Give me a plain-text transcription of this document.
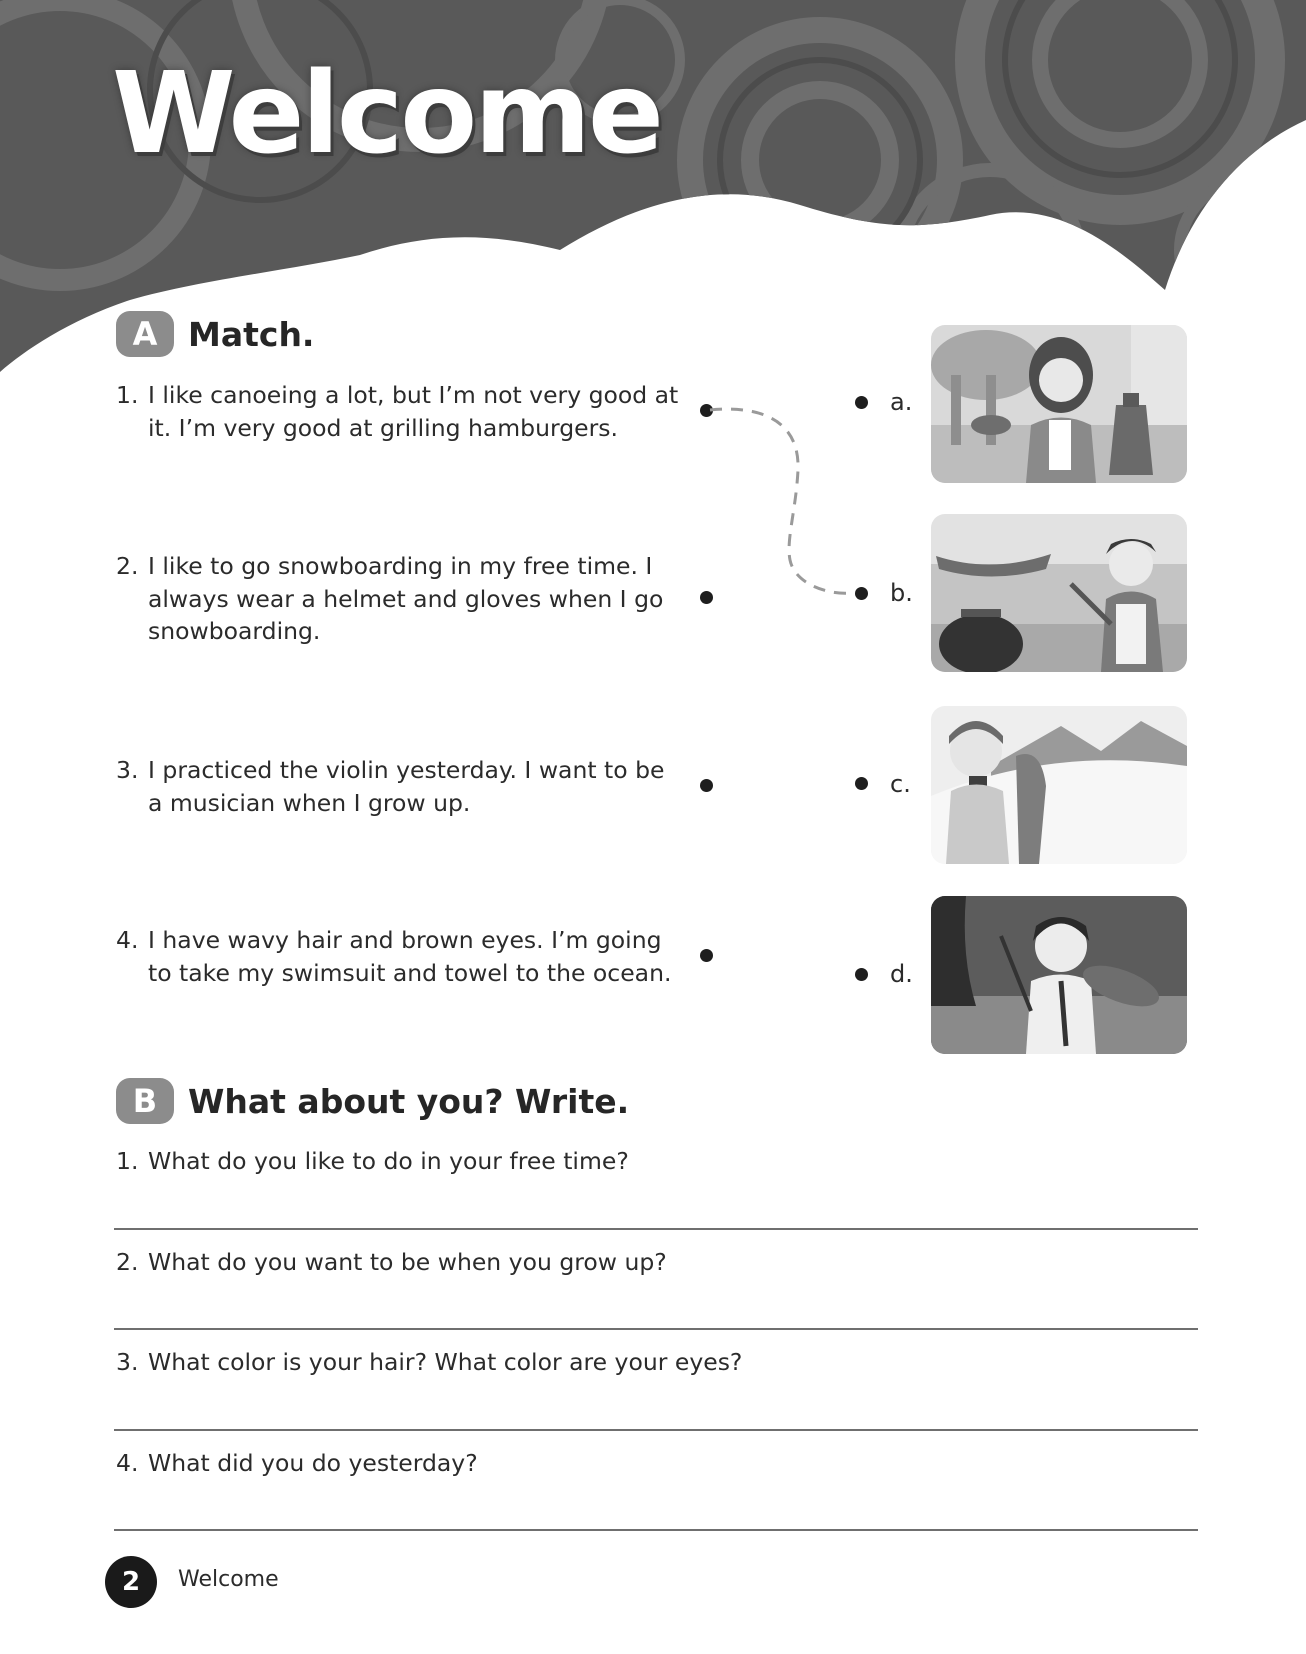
Welcome
A Match.
1. I like canoeing a lot, but I’m not very good at
it. I’m very good at grilling hamburgers.
2. I like to go snowboarding in my free time. I
always wear a helmet and gloves when I go
snowboarding.
3. I practiced the violin yesterday. I want to be
a musician when I grow up.
4. I have wavy hair and brown eyes. I’m going
to take my swimsuit and towel to the ocean.
a.
b.
c.
d.
B What about you? Write.
1. What do you like to do in your free time?
2. What do you want to be when you grow up?
3. What color is your hair? What color are your eyes?
4. What did you do yesterday?
2	Welcome
